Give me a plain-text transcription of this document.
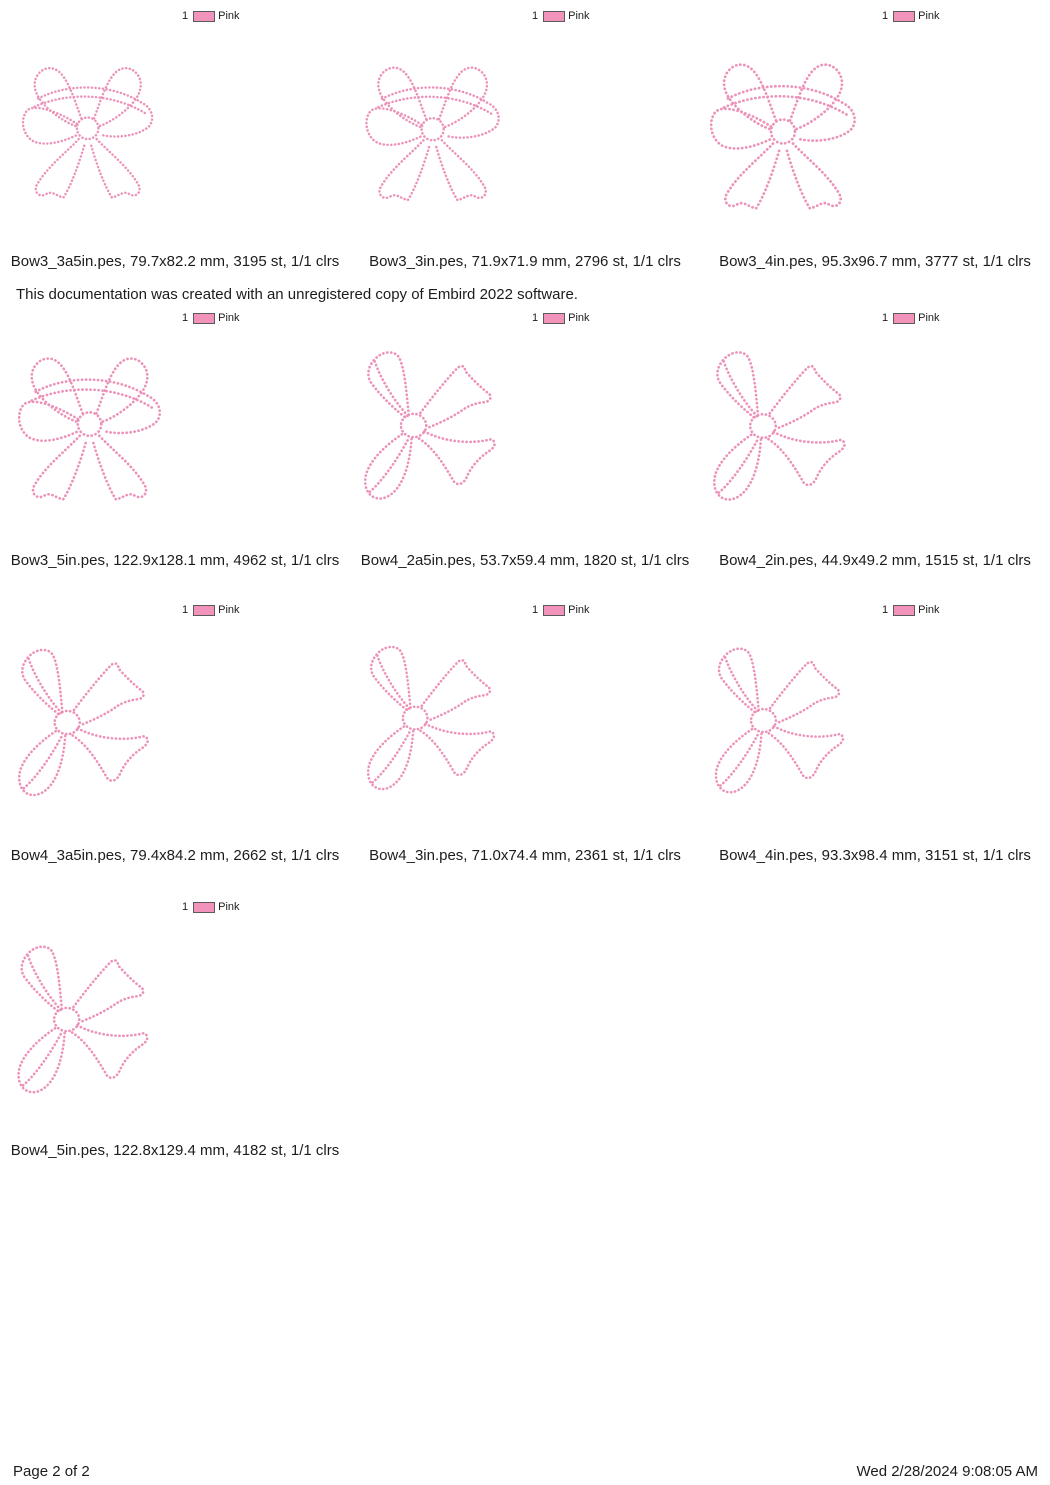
1	Pink
Bow3_3a5in.pes, 79.7x82.2 mm, 3195 st, 1/1 clrs
1	Pink
Bow3_3in.pes, 71.9x71.9 mm, 2796 st, 1/1 clrs
1	Pink
Bow3_4in.pes, 95.3x96.7 mm, 3777 st, 1/1 clrs
This documentation was created with an unregistered copy of Embird 2022 software.
1	Pink
Bow3_5in.pes, 122.9x128.1 mm, 4962 st, 1/1 clrs
1	Pink
Bow4_2a5in.pes, 53.7x59.4 mm, 1820 st, 1/1 clrs
1	Pink
Bow4_2in.pes, 44.9x49.2 mm, 1515 st, 1/1 clrs
1	Pink
Bow4_3a5in.pes, 79.4x84.2 mm, 2662 st, 1/1 clrs
1	Pink
Bow4_3in.pes, 71.0x74.4 mm, 2361 st, 1/1 clrs
1	Pink
Bow4_4in.pes, 93.3x98.4 mm, 3151 st, 1/1 clrs
1	Pink
Bow4_5in.pes, 122.8x129.4 mm, 4182 st, 1/1 clrs
Page 2 of 2	Wed 2/28/2024 9:08:05 AM
